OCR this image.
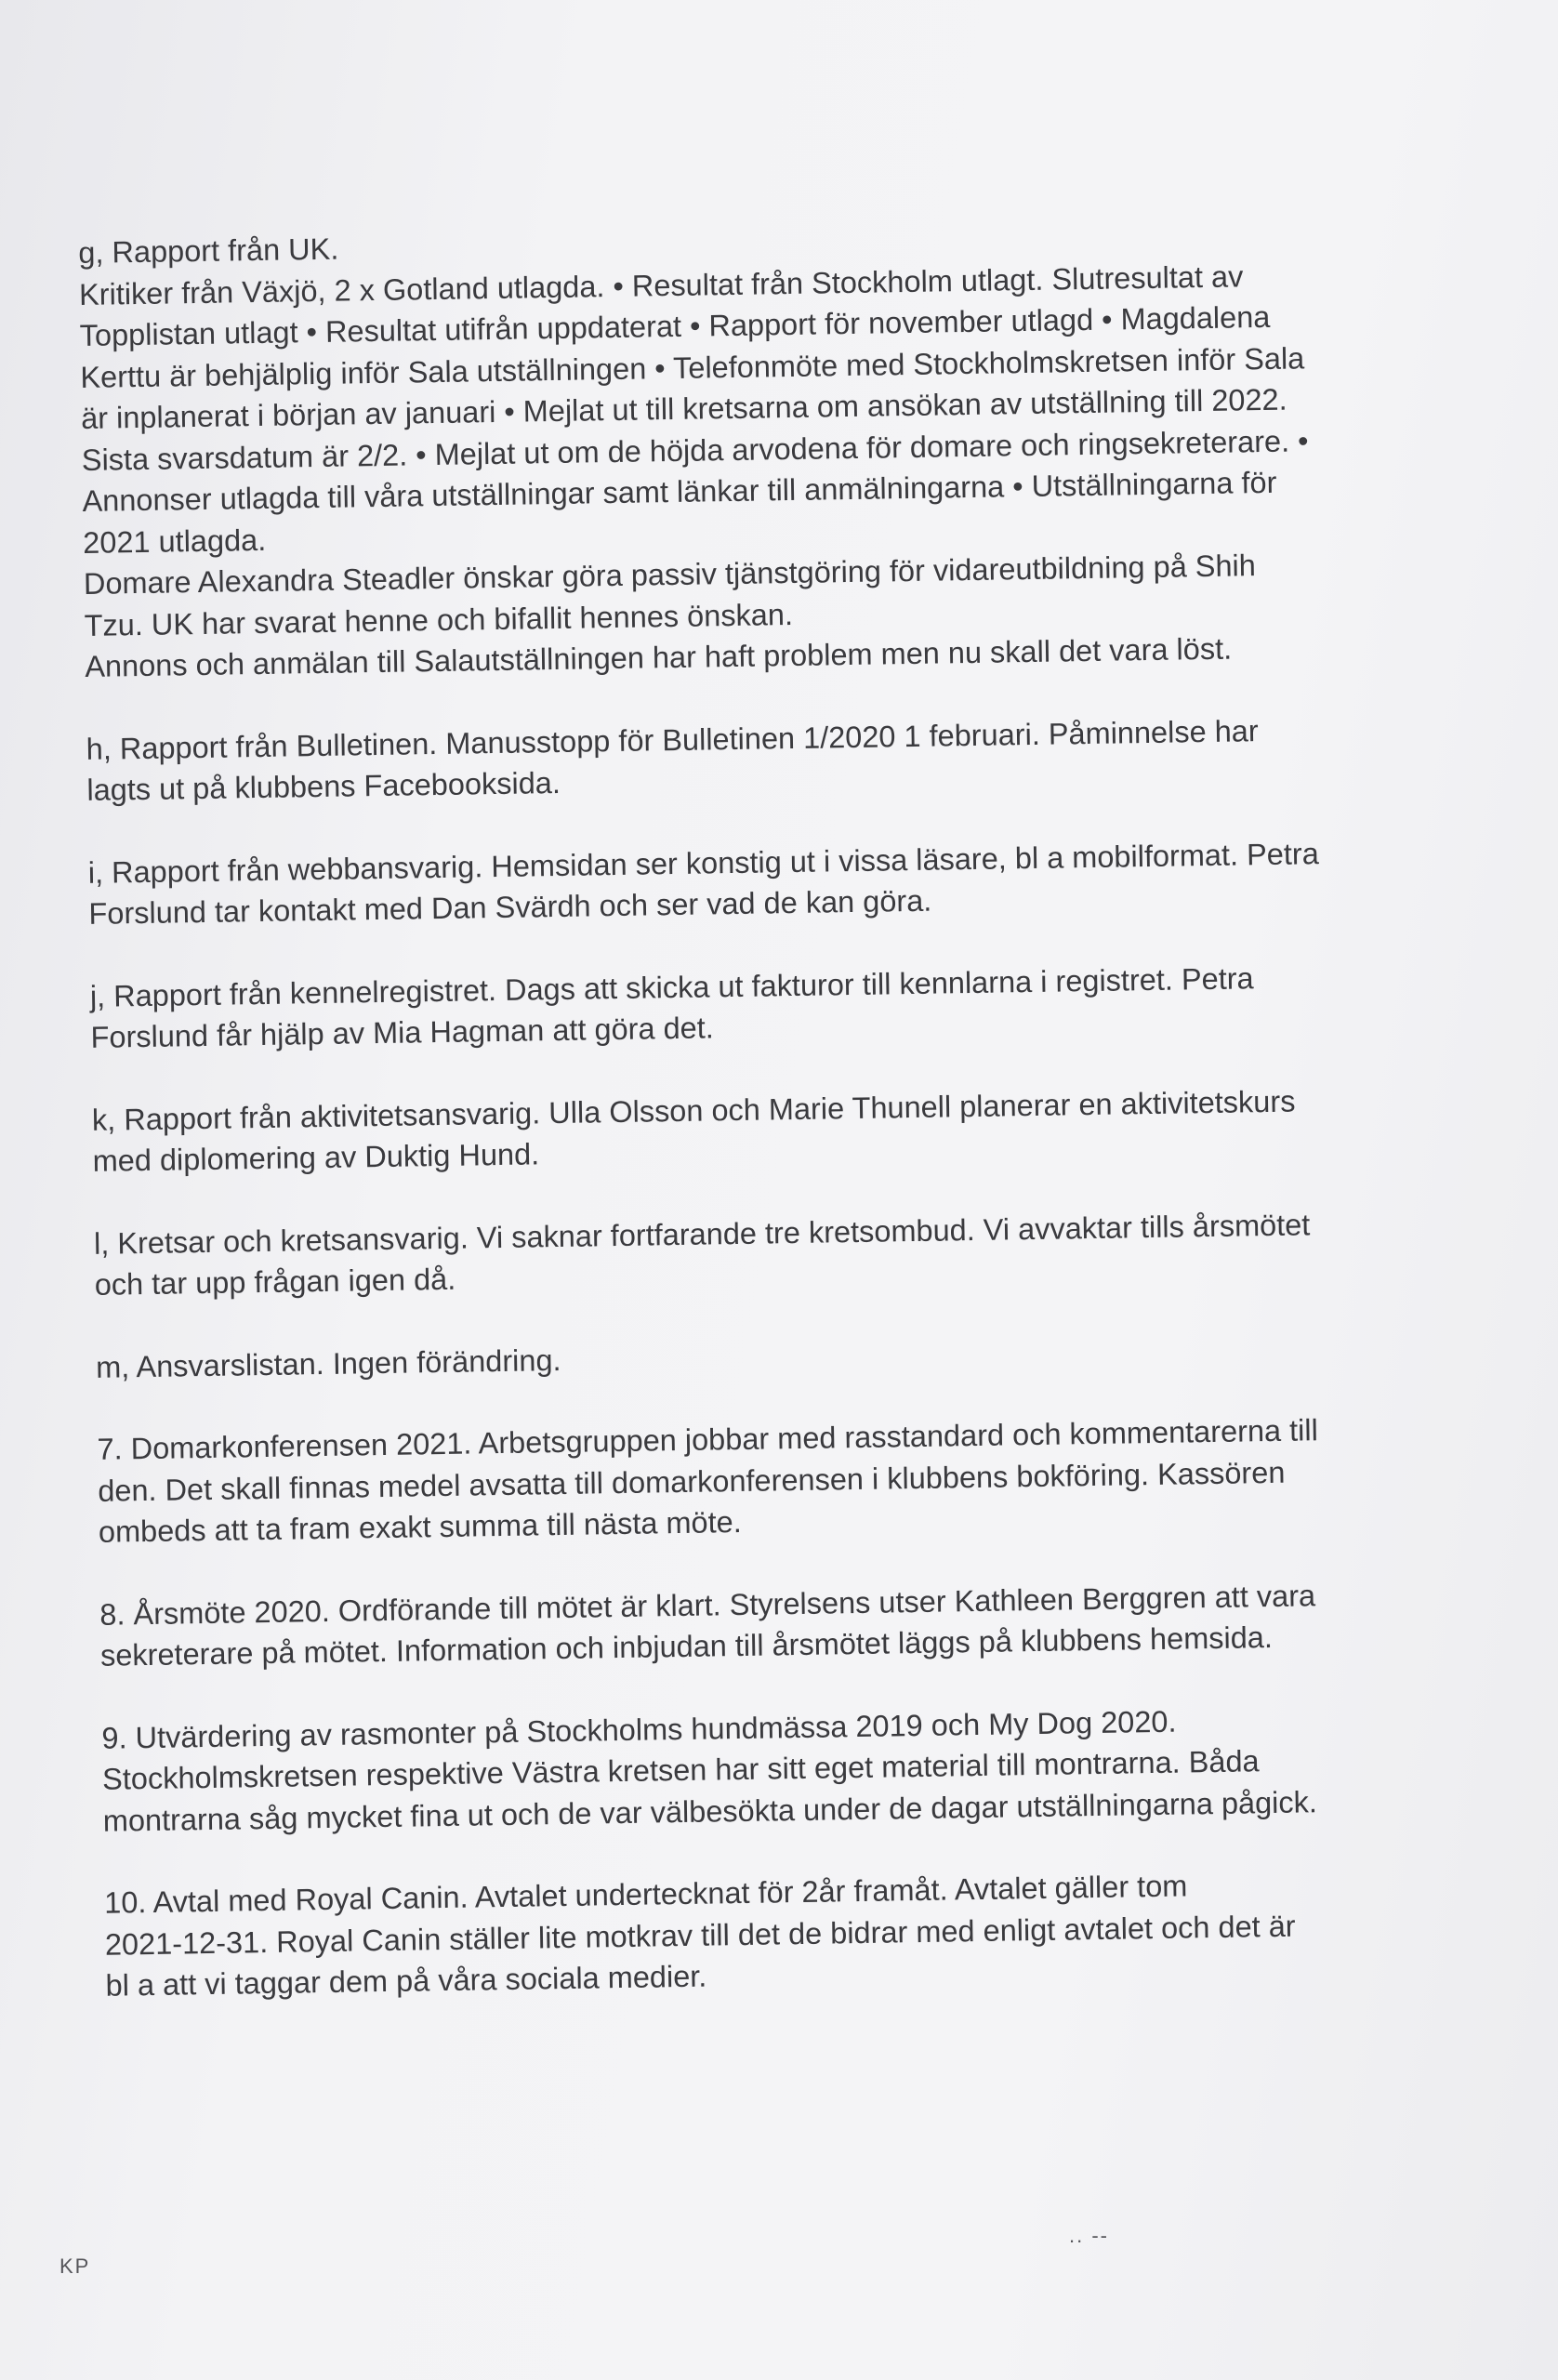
g, Rapport från UK.
Kritiker från Växjö, 2 x Gotland utlagda. • Resultat från Stockholm utlagt. Slutresultat av
Topplistan utlagt • Resultat utifrån uppdaterat • Rapport för november utlagd • Magdalena
Kerttu är behjälplig inför Sala utställningen • Telefonmöte med Stockholmskretsen inför Sala
är inplanerat i början av januari • Mejlat ut till kretsarna om ansökan av utställning till 2022.
Sista svarsdatum är 2/2. • Mejlat ut om de höjda arvodena för domare och ringsekreterare. •
Annonser utlagda till våra utställningar samt länkar till anmälningarna • Utställningarna för
2021 utlagda.
Domare Alexandra Steadler önskar göra passiv tjänstgöring för vidareutbildning på Shih
Tzu. UK har svarat henne och bifallit hennes önskan.
Annons och anmälan till Salautställningen har haft problem men nu skall det vara löst.
h, Rapport från Bulletinen. Manusstopp för Bulletinen 1/2020 1 februari. Påminnelse har
lagts ut på klubbens Facebooksida.
i, Rapport från webbansvarig. Hemsidan ser konstig ut i vissa läsare, bl a mobilformat. Petra
Forslund tar kontakt med Dan Svärdh och ser vad de kan göra.
j, Rapport från kennelregistret. Dags att skicka ut fakturor till kennlarna i registret. Petra
Forslund får hjälp av Mia Hagman att göra det.
k, Rapport från aktivitetsansvarig. Ulla Olsson och Marie Thunell planerar en aktivitetskurs
med diplomering av Duktig Hund.
l, Kretsar och kretsansvarig. Vi saknar fortfarande tre kretsombud. Vi avvaktar tills årsmötet
och tar upp frågan igen då.
m, Ansvarslistan. Ingen förändring.
7. Domarkonferensen 2021. Arbetsgruppen jobbar med rasstandard och kommentarerna till
den. Det skall finnas medel avsatta till domarkonferensen i klubbens bokföring. Kassören
ombeds att ta fram exakt summa till nästa möte.
8. Årsmöte 2020. Ordförande till mötet är klart. Styrelsens utser Kathleen Berggren att vara
sekreterare på mötet. Information och inbjudan till årsmötet läggs på klubbens hemsida.
9. Utvärdering av rasmonter på Stockholms hundmässa 2019 och My Dog 2020.
Stockholmskretsen respektive Västra kretsen har sitt eget material till montrarna. Båda
montrarna såg mycket fina ut och de var välbesökta under de dagar utställningarna pågick.
10. Avtal med Royal Canin. Avtalet undertecknat för 2år framåt. Avtalet gäller tom
2021-12-31. Royal Canin ställer lite motkrav till det de bidrar med enligt avtalet och det är
bl a att vi taggar dem på våra sociala medier.
KP
.. --
